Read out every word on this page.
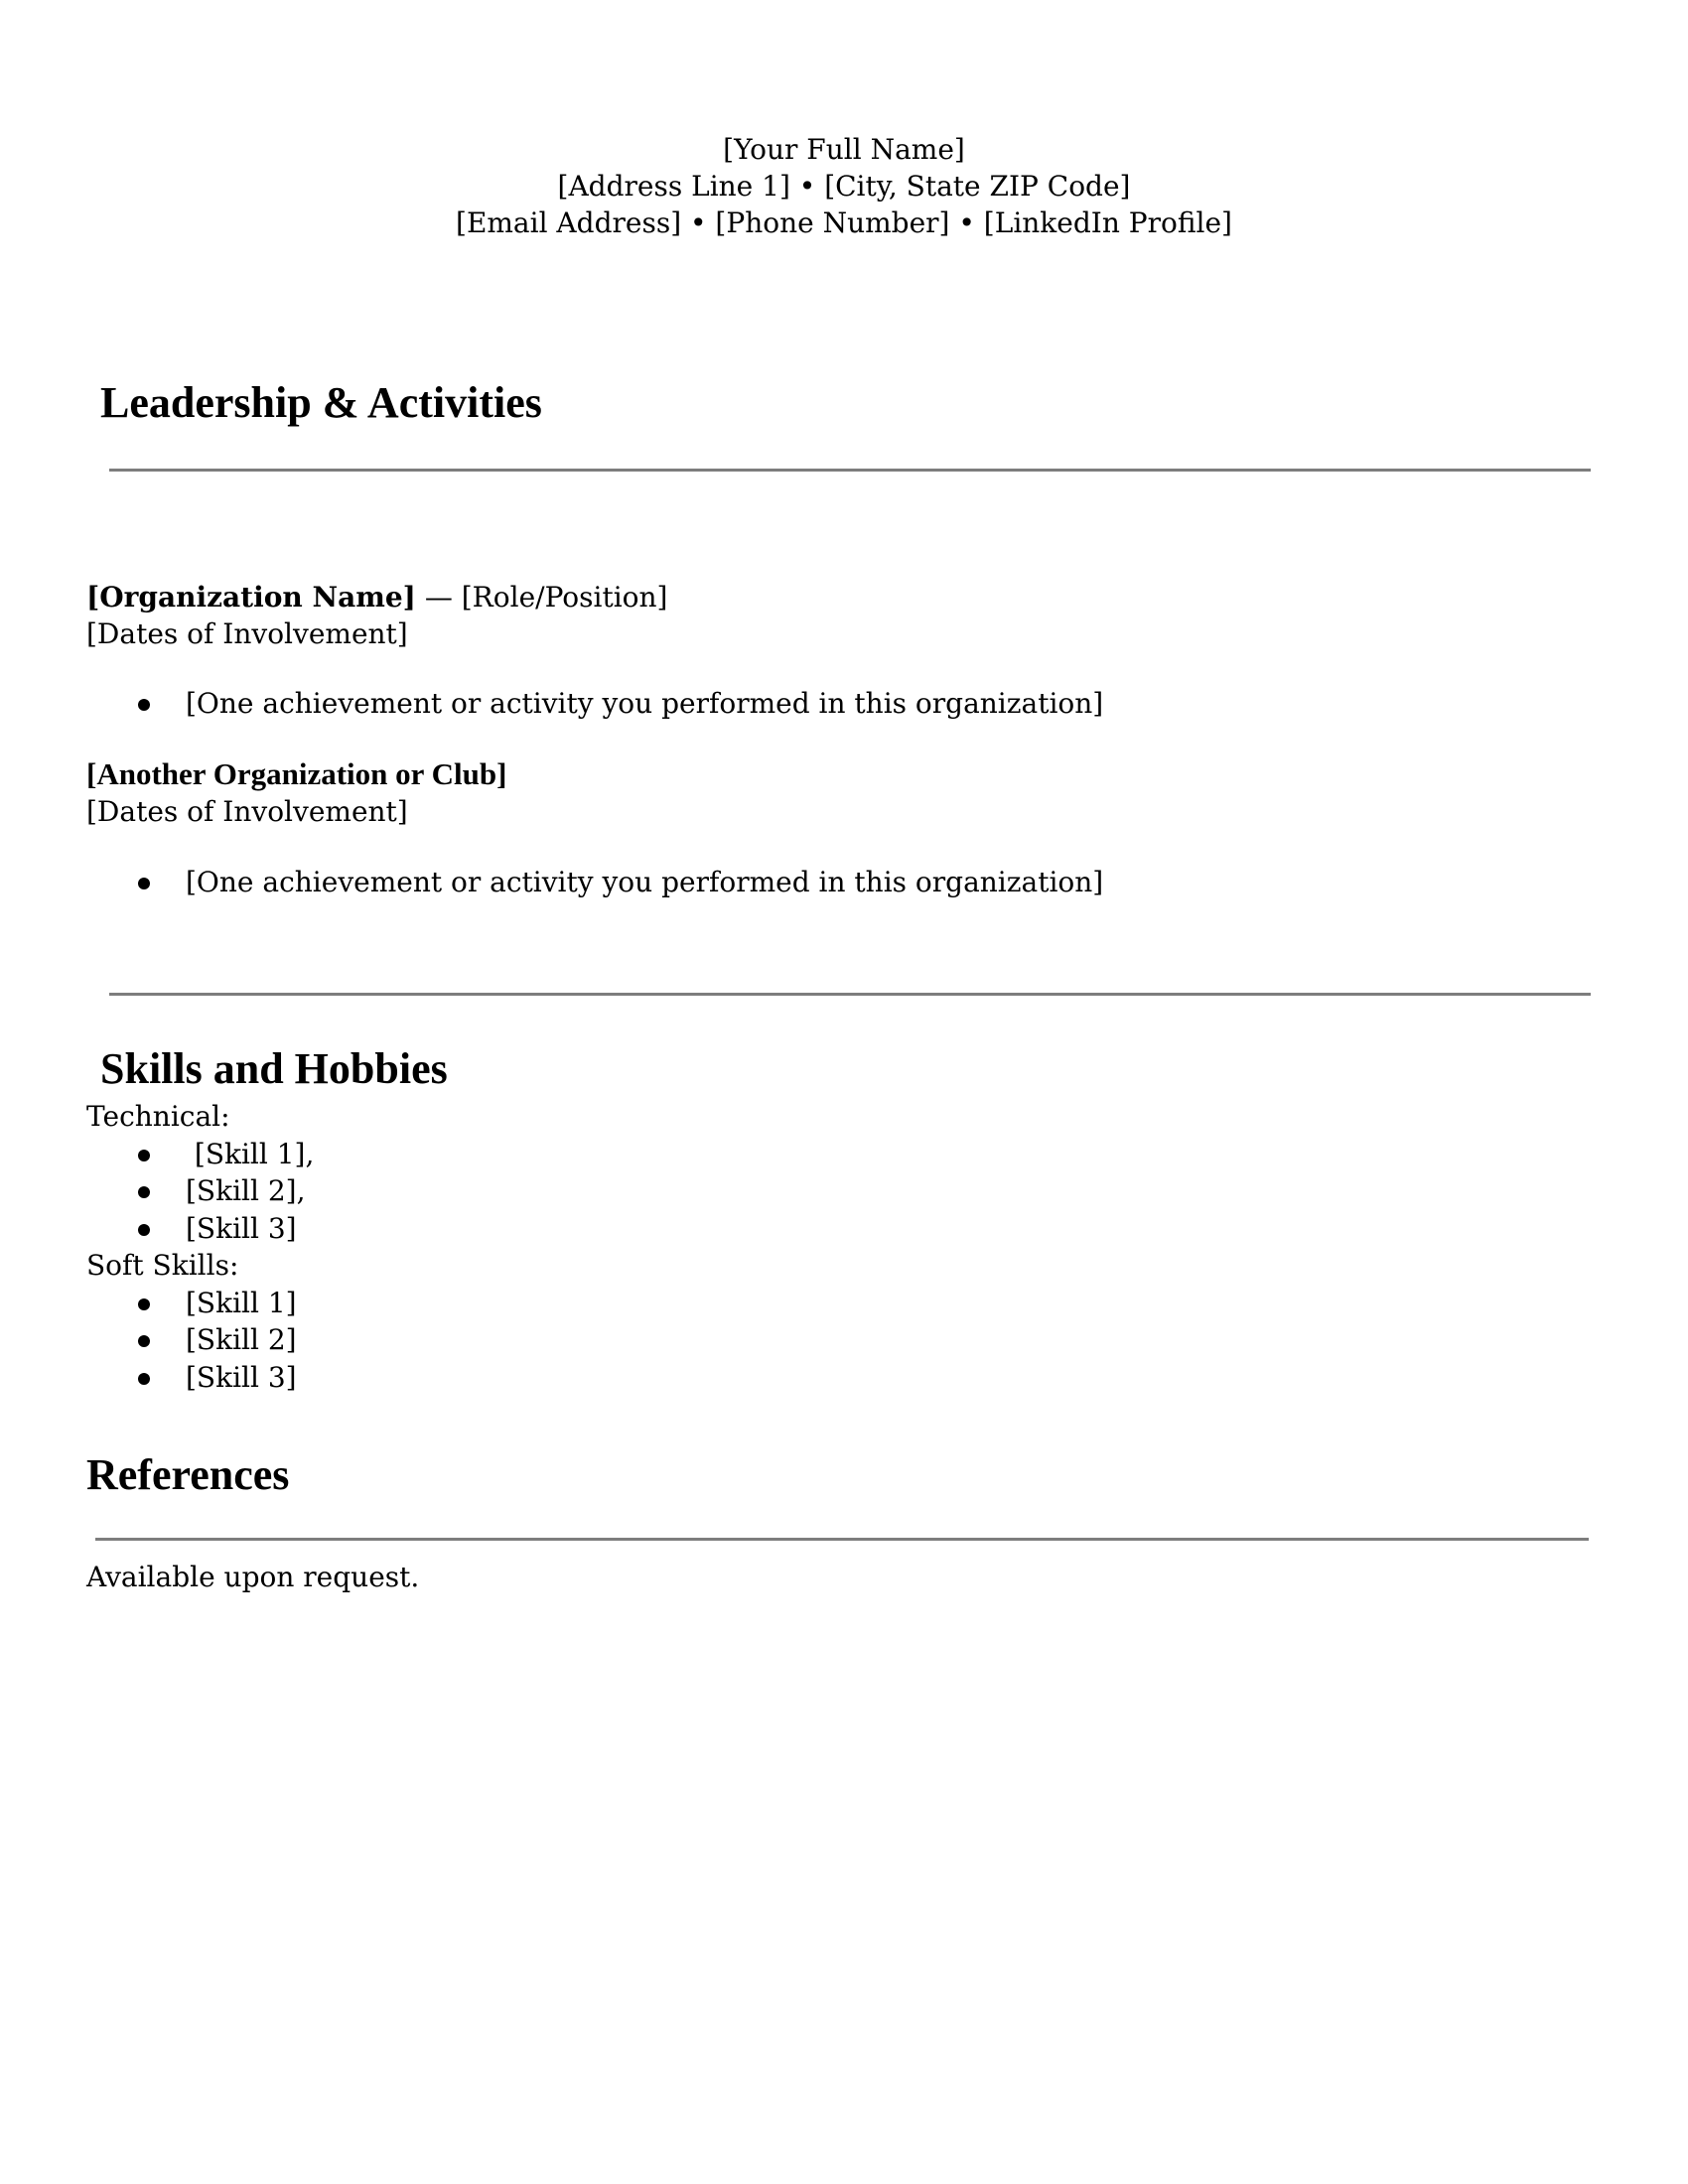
[Your Full Name]
[Address Line 1] • [City, State ZIP Code]
[Email Address] • [Phone Number] • [LinkedIn Profile]
Leadership & Activities
[Organization Name] — [Role/Position]
[Dates of Involvement]
[One achievement or activity you performed in this organization]
[Another Organization or Club]
[Dates of Involvement]
[One achievement or activity you performed in this organization]
Skills and Hobbies
Technical:
[Skill 1],
[Skill 2],
[Skill 3]
Soft Skills:
[Skill 1]
[Skill 2]
[Skill 3]
References
Available upon request.
